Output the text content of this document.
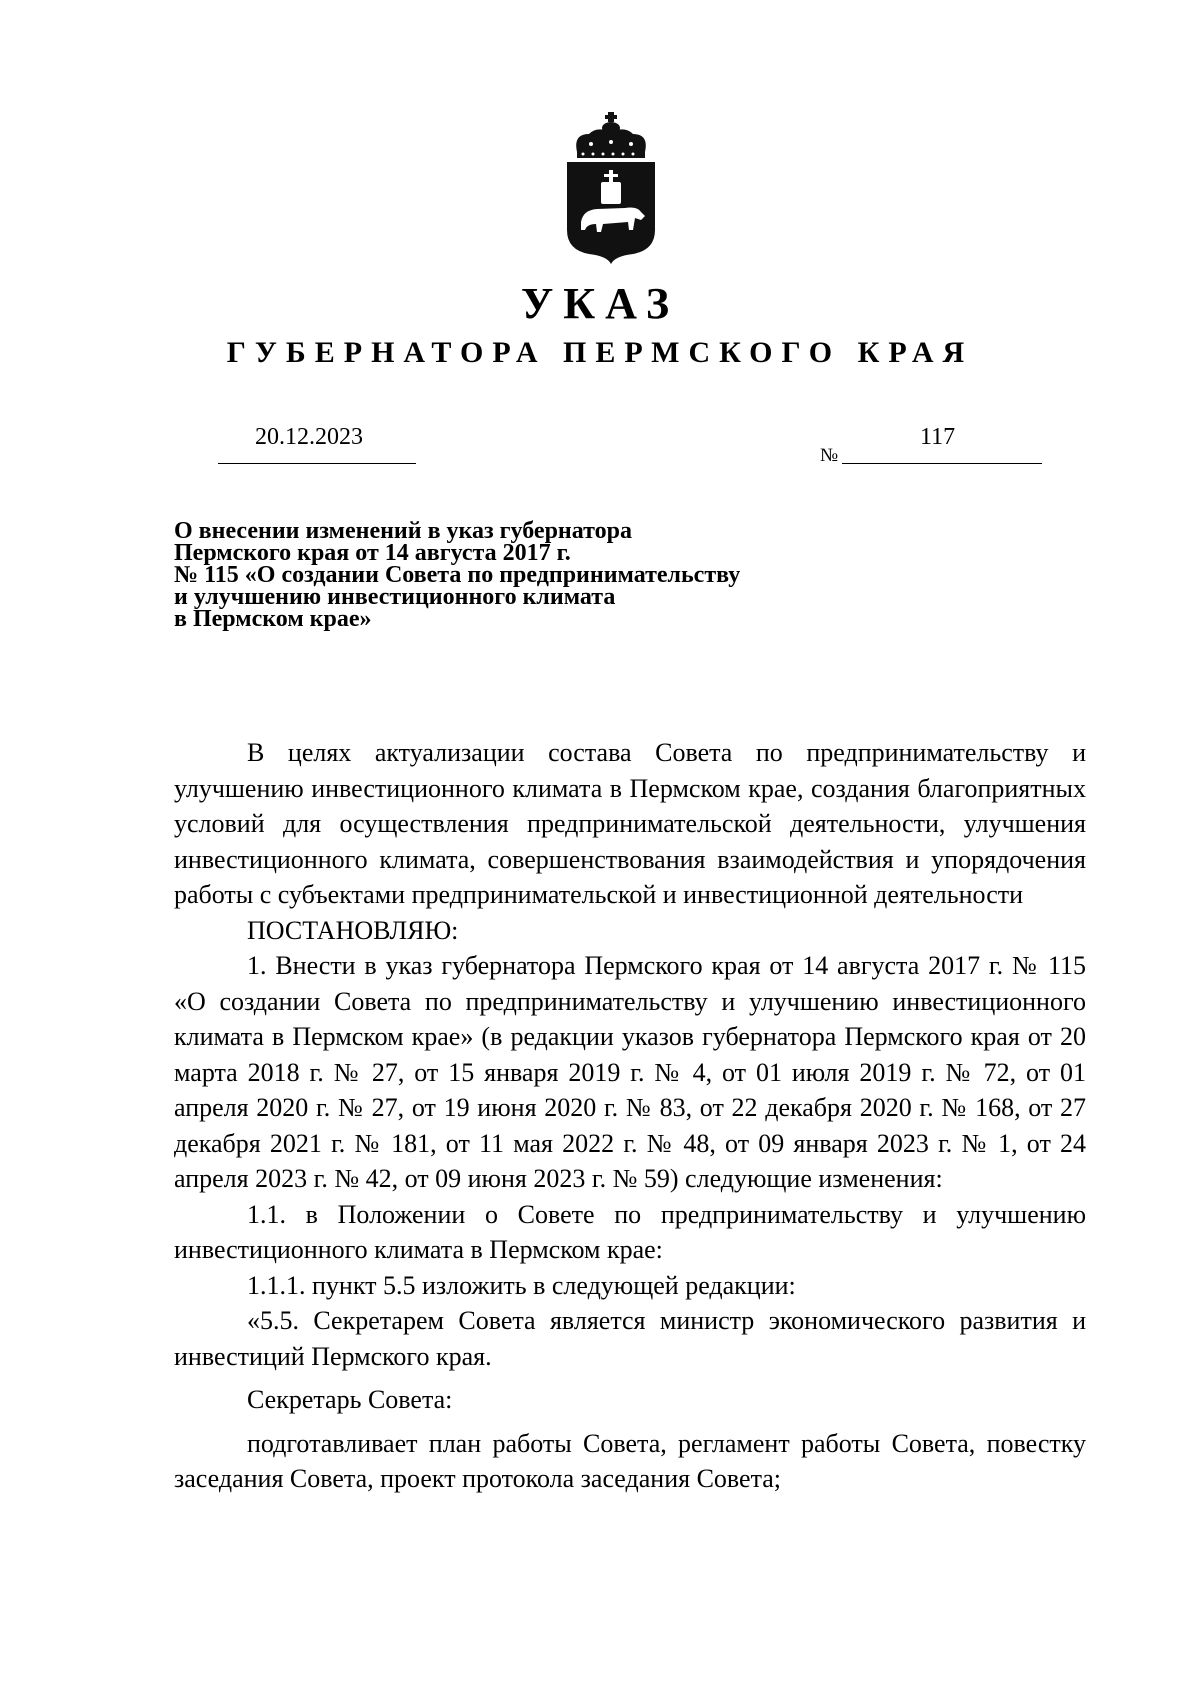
УКАЗ
ГУБЕРНАТОРА ПЕРМСКОГО КРАЯ
20.12.2023
№
117
О внесении изменений в указ губернатора
Пермского края от 14 августа 2017 г.
№ 115 «О создании Совета по предпринимательству
и улучшению инвестиционного климата
в Пермском крае»

В целях актуализации состава Совета по предпринимательству и улучшению инвестиционного климата в Пермском крае, создания благоприятных условий для осуществления предпринимательской деятельности, улучшения инвестиционного климата, совершенствования взаимодействия и упорядочения работы с субъектами предпринимательской и инвестиционной деятельности

ПОСТАНОВЛЯЮ:

1. Внести в указ губернатора Пермского края от 14 августа 2017 г. № 115 «О создании Совета по предпринимательству и улучшению инвестиционного климата в Пермском крае» (в редакции указов губернатора Пермского края от 20 марта 2018 г. № 27, от 15 января 2019 г. № 4, от 01 июля 2019 г. № 72, от 01 апреля 2020 г. № 27, от 19 июня 2020 г. № 83, от 22 декабря 2020 г. № 168, от 27 декабря 2021 г. № 181, от 11 мая 2022 г. № 48, от 09 января 2023 г. № 1, от 24 апреля 2023 г. № 42, от 09 июня 2023 г. № 59) следующие изменения:

1.1. в Положении о Совете по предпринимательству и улучшению инвестиционного климата в Пермском крае:

1.1.1. пункт 5.5 изложить в следующей редакции:

«5.5. Секретарем Совета является министр экономического развития и инвестиций Пермского края.

Секретарь Совета:

подготавливает план работы Совета, регламент работы Совета, повестку заседания Совета, проект протокола заседания Совета;
